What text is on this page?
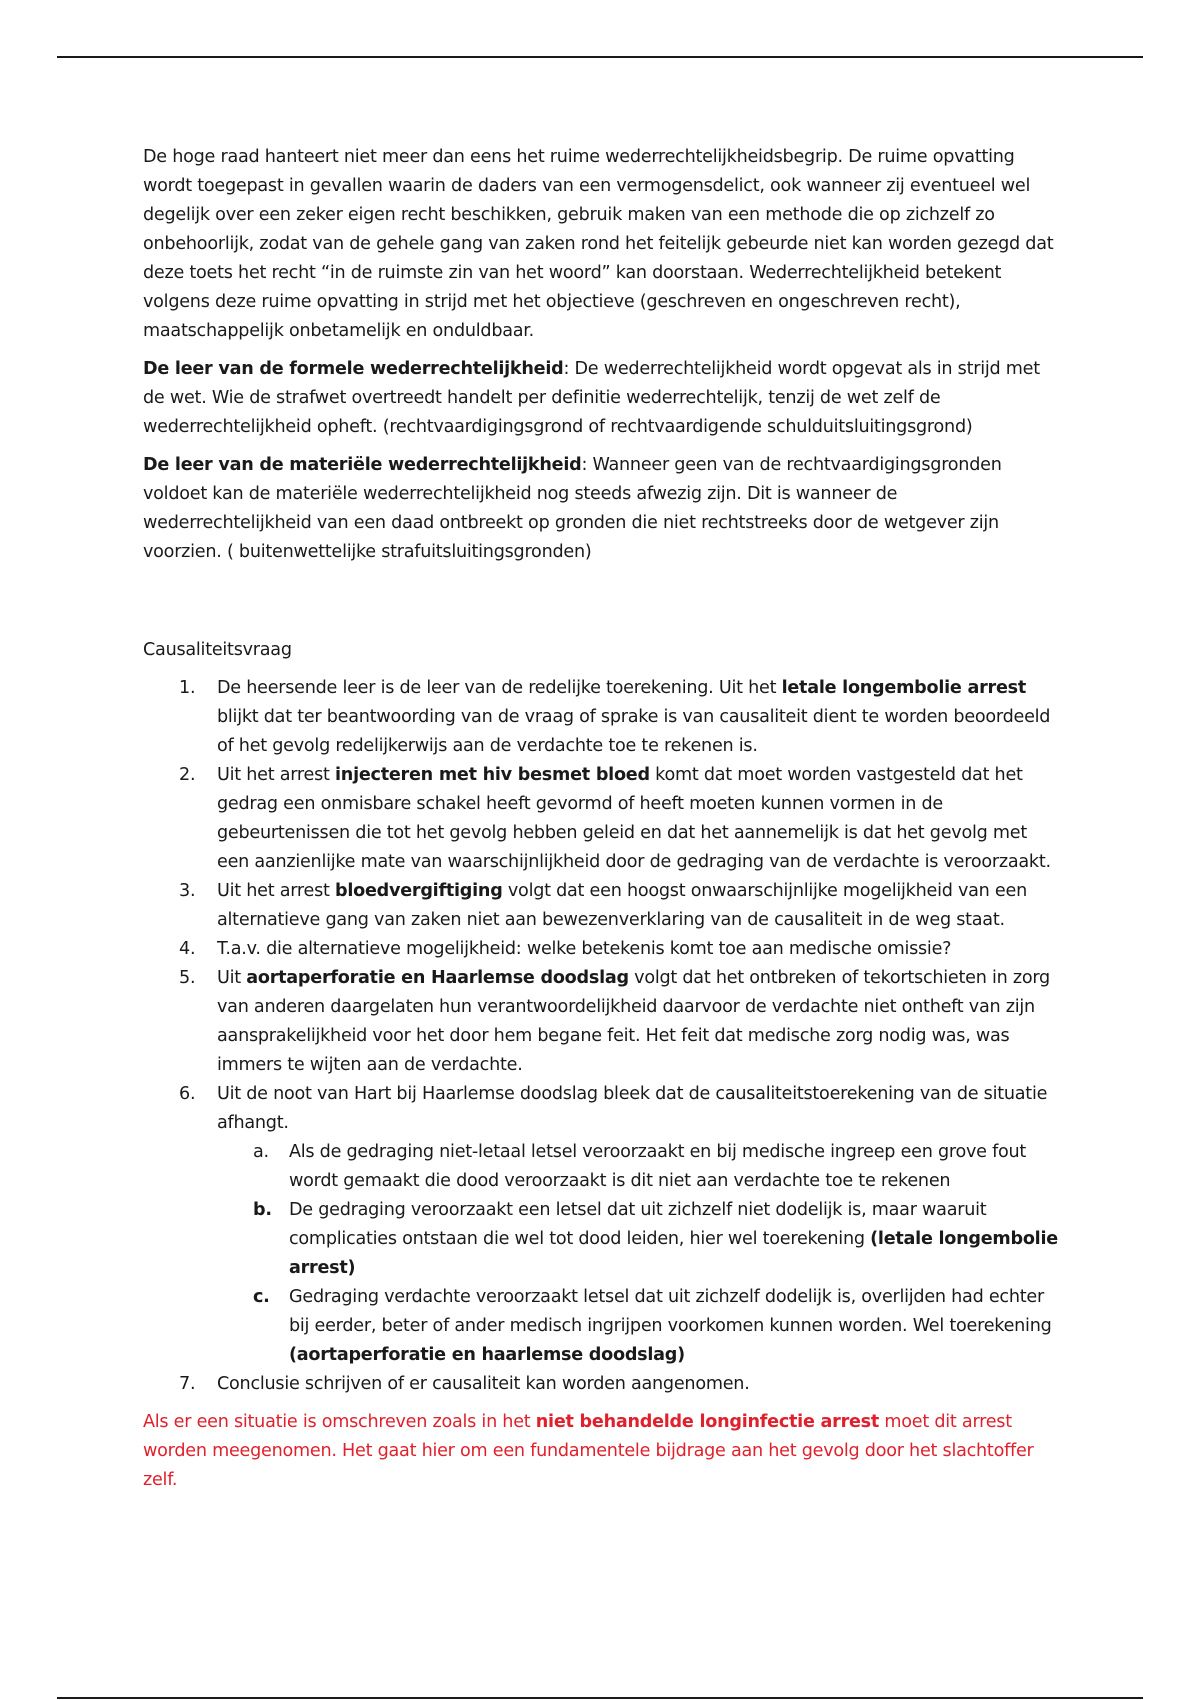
De hoge raad hanteert niet meer dan eens het ruime wederrechtelijkheidsbegrip. De ruime opvatting wordt toegepast in gevallen waarin de daders van een vermogensdelict, ook wanneer zij eventueel wel degelijk over een zeker eigen recht beschikken, gebruik maken van een methode die op zichzelf zo onbehoorlijk, zodat van de gehele gang van zaken rond het feitelijk gebeurde niet kan worden gezegd dat deze toets het recht “in de ruimste zin van het woord” kan doorstaan. Wederrechtelijkheid betekent volgens deze ruime opvatting in strijd met het objectieve (geschreven en ongeschreven recht), maatschappelijk onbetamelijk en onduldbaar.

De leer van de formele wederrechtelijkheid: De wederrechtelijkheid wordt opgevat als in strijd met de wet. Wie de strafwet overtreedt handelt per definitie wederrechtelijk, tenzij de wet zelf de wederrechtelijkheid opheft. (rechtvaardigingsgrond of rechtvaardigende schulduitsluitingsgrond)

De leer van de materiële wederrechtelijkheid: Wanneer geen van de rechtvaardigingsgronden voldoet kan de materiële wederrechtelijkheid nog steeds afwezig zijn. Dit is wanneer de wederrechtelijkheid van een daad ontbreekt op gronden die niet rechtstreeks door de wetgever zijn voorzien. ( buitenwettelijke strafuitsluitingsgronden)

Causaliteitsvraag

1. De heersende leer is de leer van de redelijke toerekening. Uit het letale longembolie arrest blijkt dat ter beantwoording van de vraag of sprake is van causaliteit dient te worden beoordeeld of het gevolg redelijkerwijs aan de verdachte toe te rekenen is.
2. Uit het arrest injecteren met hiv besmet bloed komt dat moet worden vastgesteld dat het gedrag een onmisbare schakel heeft gevormd of heeft moeten kunnen vormen in de gebeurtenissen die tot het gevolg hebben geleid en dat het aannemelijk is dat het gevolg met een aanzienlijke mate van waarschijnlijkheid door de gedraging van de verdachte is veroorzaakt.
3. Uit het arrest bloedvergiftiging volgt dat een hoogst onwaarschijnlijke mogelijkheid van een alternatieve gang van zaken niet aan bewezenverklaring van de causaliteit in de weg staat.
4. T.a.v. die alternatieve mogelijkheid: welke betekenis komt toe aan medische omissie?
5. Uit aortaperforatie en Haarlemse doodslag volgt dat het ontbreken of tekortschieten in zorg van anderen daargelaten hun verantwoordelijkheid daarvoor de verdachte niet ontheft van zijn aansprakelijkheid voor het door hem begane feit. Het feit dat medische zorg nodig was, was immers te wijten aan de verdachte.
6. Uit de noot van Hart bij Haarlemse doodslag bleek dat de causaliteitstoerekening van de situatie afhangt.
a. Als de gedraging niet-letaal letsel veroorzaakt en bij medische ingreep een grove fout wordt gemaakt die dood veroorzaakt is dit niet aan verdachte toe te rekenen
b. De gedraging veroorzaakt een letsel dat uit zichzelf niet dodelijk is, maar waaruit complicaties ontstaan die wel tot dood leiden, hier wel toerekening (letale longembolie arrest)
c. Gedraging verdachte veroorzaakt letsel dat uit zichzelf dodelijk is, overlijden had echter bij eerder, beter of ander medisch ingrijpen voorkomen kunnen worden. Wel toerekening (aortaperforatie en haarlemse doodslag)
7. Conclusie schrijven of er causaliteit kan worden aangenomen.

Als er een situatie is omschreven zoals in het niet behandelde longinfectie arrest moet dit arrest worden meegenomen. Het gaat hier om een fundamentele bijdrage aan het gevolg door het slachtoffer zelf.
